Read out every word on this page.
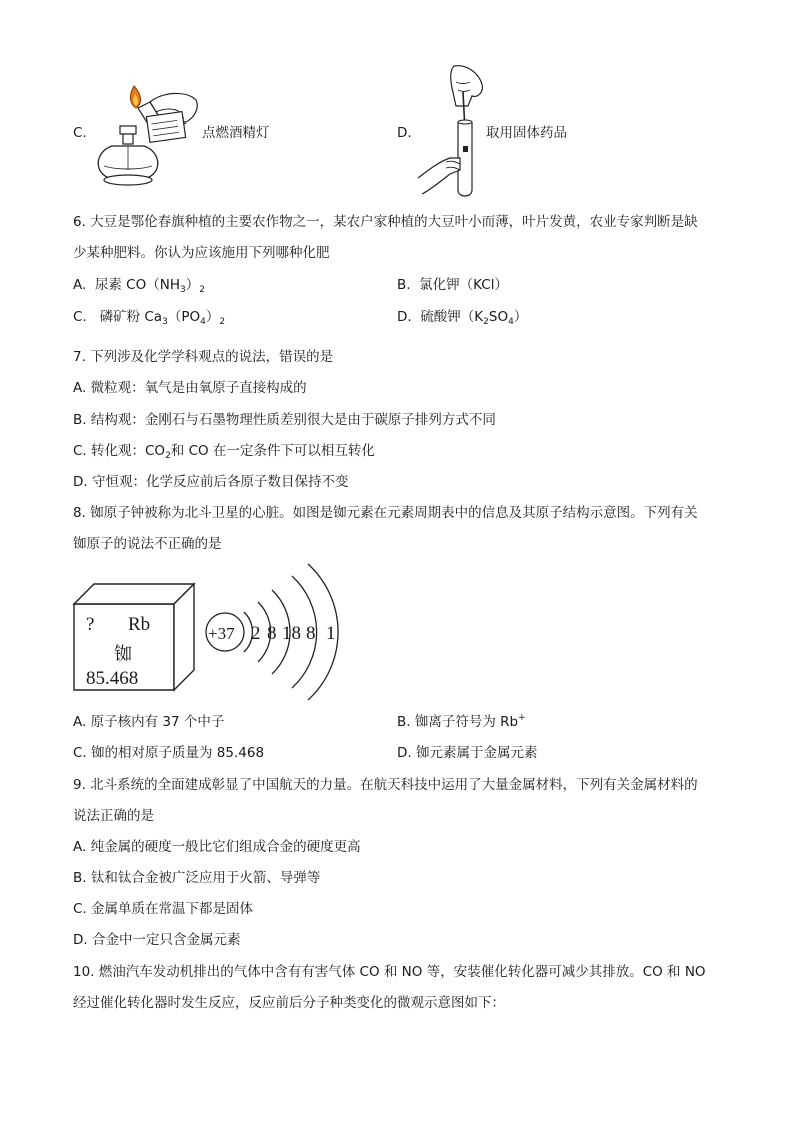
C.	点燃酒精灯	D.	取用固体药品
6. 大豆是鄂伦春旗种植的主要农作物之一，某农户家种植的大豆叶小而薄，叶片发黄，农业专家判断是缺
少某种肥料。你认为应该施用下列哪种化肥
A. 尿素 $CO(NH_3)_2$	B. 氯化钾（KCl）
C. 磷矿粉 $Ca_3(PO_4)_2$	D. 硫酸钾$(K_2SO_4)$
7. 下列涉及化学学科观点的说法，错误的是
A. 微粒观：氧气是由氧原子直接构成的
B. 结构观：金刚石与石墨物理性质差别很大是由于碳原子排列方式不同
C. 转化观：$CO_2$和 CO 在一定条件下可以相互转化
D. 守恒观：化学反应前后各原子数目保持不变
8. 铷原子钟被称为北斗卫星的心脏。如图是铷元素在元素周期表中的信息及其原子结构示意图。下列有关
铷原子的说法不正确的是
? Rb
铷
85.468
+37 2 8 18 8 1
A. 原子核内有 37 个中子	B. 铷离子符号为 Rb+
C. 铷的相对原子质量为 85.468	D. 铷元素属于金属元素
9. 北斗系统的全面建成彰显了中国航天的力量。在航天科技中运用了大量金属材料，下列有关金属材料的
说法正确的是
A. 纯金属的硬度一般比它们组成合金的硬度更高
B. 钛和钛合金被广泛应用于火箭、导弹等
C. 金属单质在常温下都是固体
D. 合金中一定只含金属元素
10. 燃油汽车发动机排出的气体中含有有害气体 CO 和 NO 等，安装催化转化器可减少其排放。CO 和 NO
经过催化转化器时发生反应，反应前后分子种类变化的微观示意图如下：
